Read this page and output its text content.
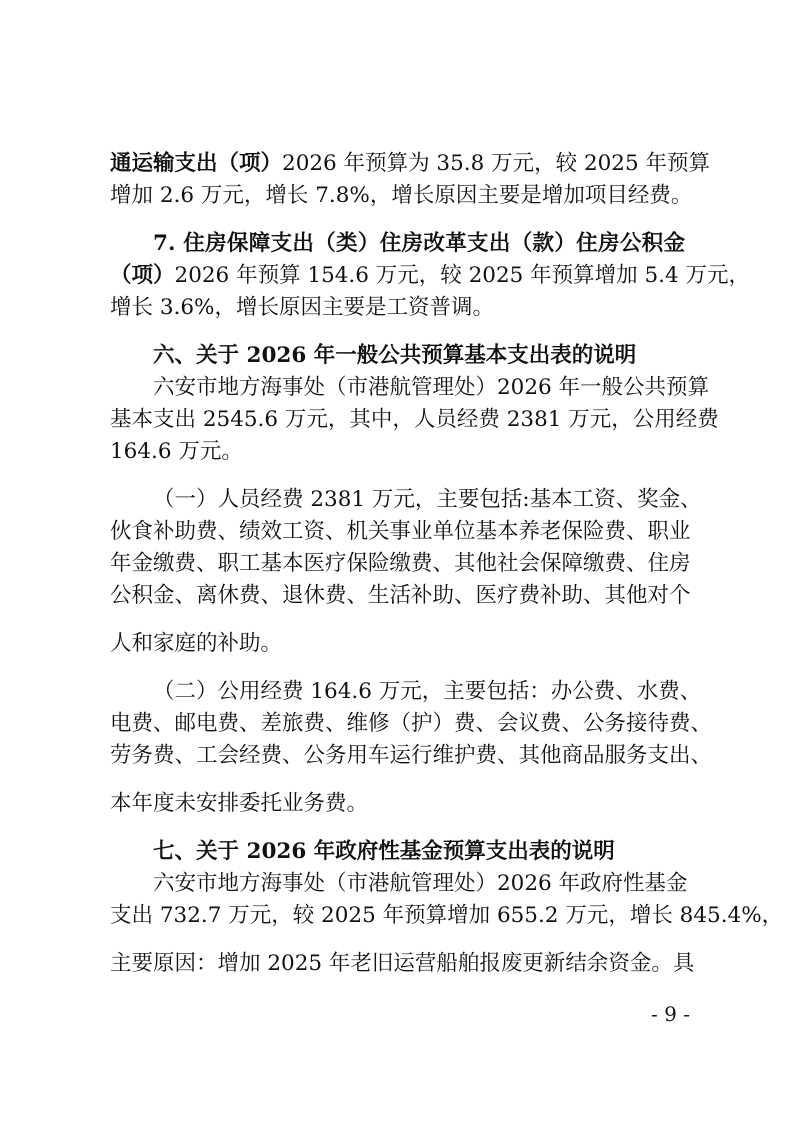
通运输支出（项）2026 年预算为 35.8 万元，较 2025 年预算
增加 2.6 万元，增长 7.8%，增长原因主要是增加项目经费。
7. 住房保障支出（类）住房改革支出（款）住房公积金
（项）2026 年预算 154.6 万元，较 2025 年预算增加 5.4 万元，
增长 3.6%，增长原因主要是工资普调。
六、关于 2026 年一般公共预算基本支出表的说明
六安市地方海事处（市港航管理处）2026 年一般公共预算
基本支出 2545.6 万元，其中，人员经费 2381 万元，公用经费
164.6 万元。
（一）人员经费 2381 万元，主要包括:基本工资、奖金、
伙食补助费、绩效工资、机关事业单位基本养老保险费、职业
年金缴费、职工基本医疗保险缴费、其他社会保障缴费、住房
公积金、离休费、退休费、生活补助、医疗费补助、其他对个
人和家庭的补助。
（二）公用经费 164.6 万元，主要包括：办公费、水费、
电费、邮电费、差旅费、维修（护）费、会议费、公务接待费、
劳务费、工会经费、公务用车运行维护费、其他商品服务支出、
本年度未安排委托业务费。
七、关于 2026 年政府性基金预算支出表的说明
六安市地方海事处（市港航管理处）2026 年政府性基金
支出 732.7 万元，较 2025 年预算增加 655.2 万元，增长 845.4%，
主要原因：增加 2025 年老旧运营船舶报废更新结余资金。具
- 9 -
